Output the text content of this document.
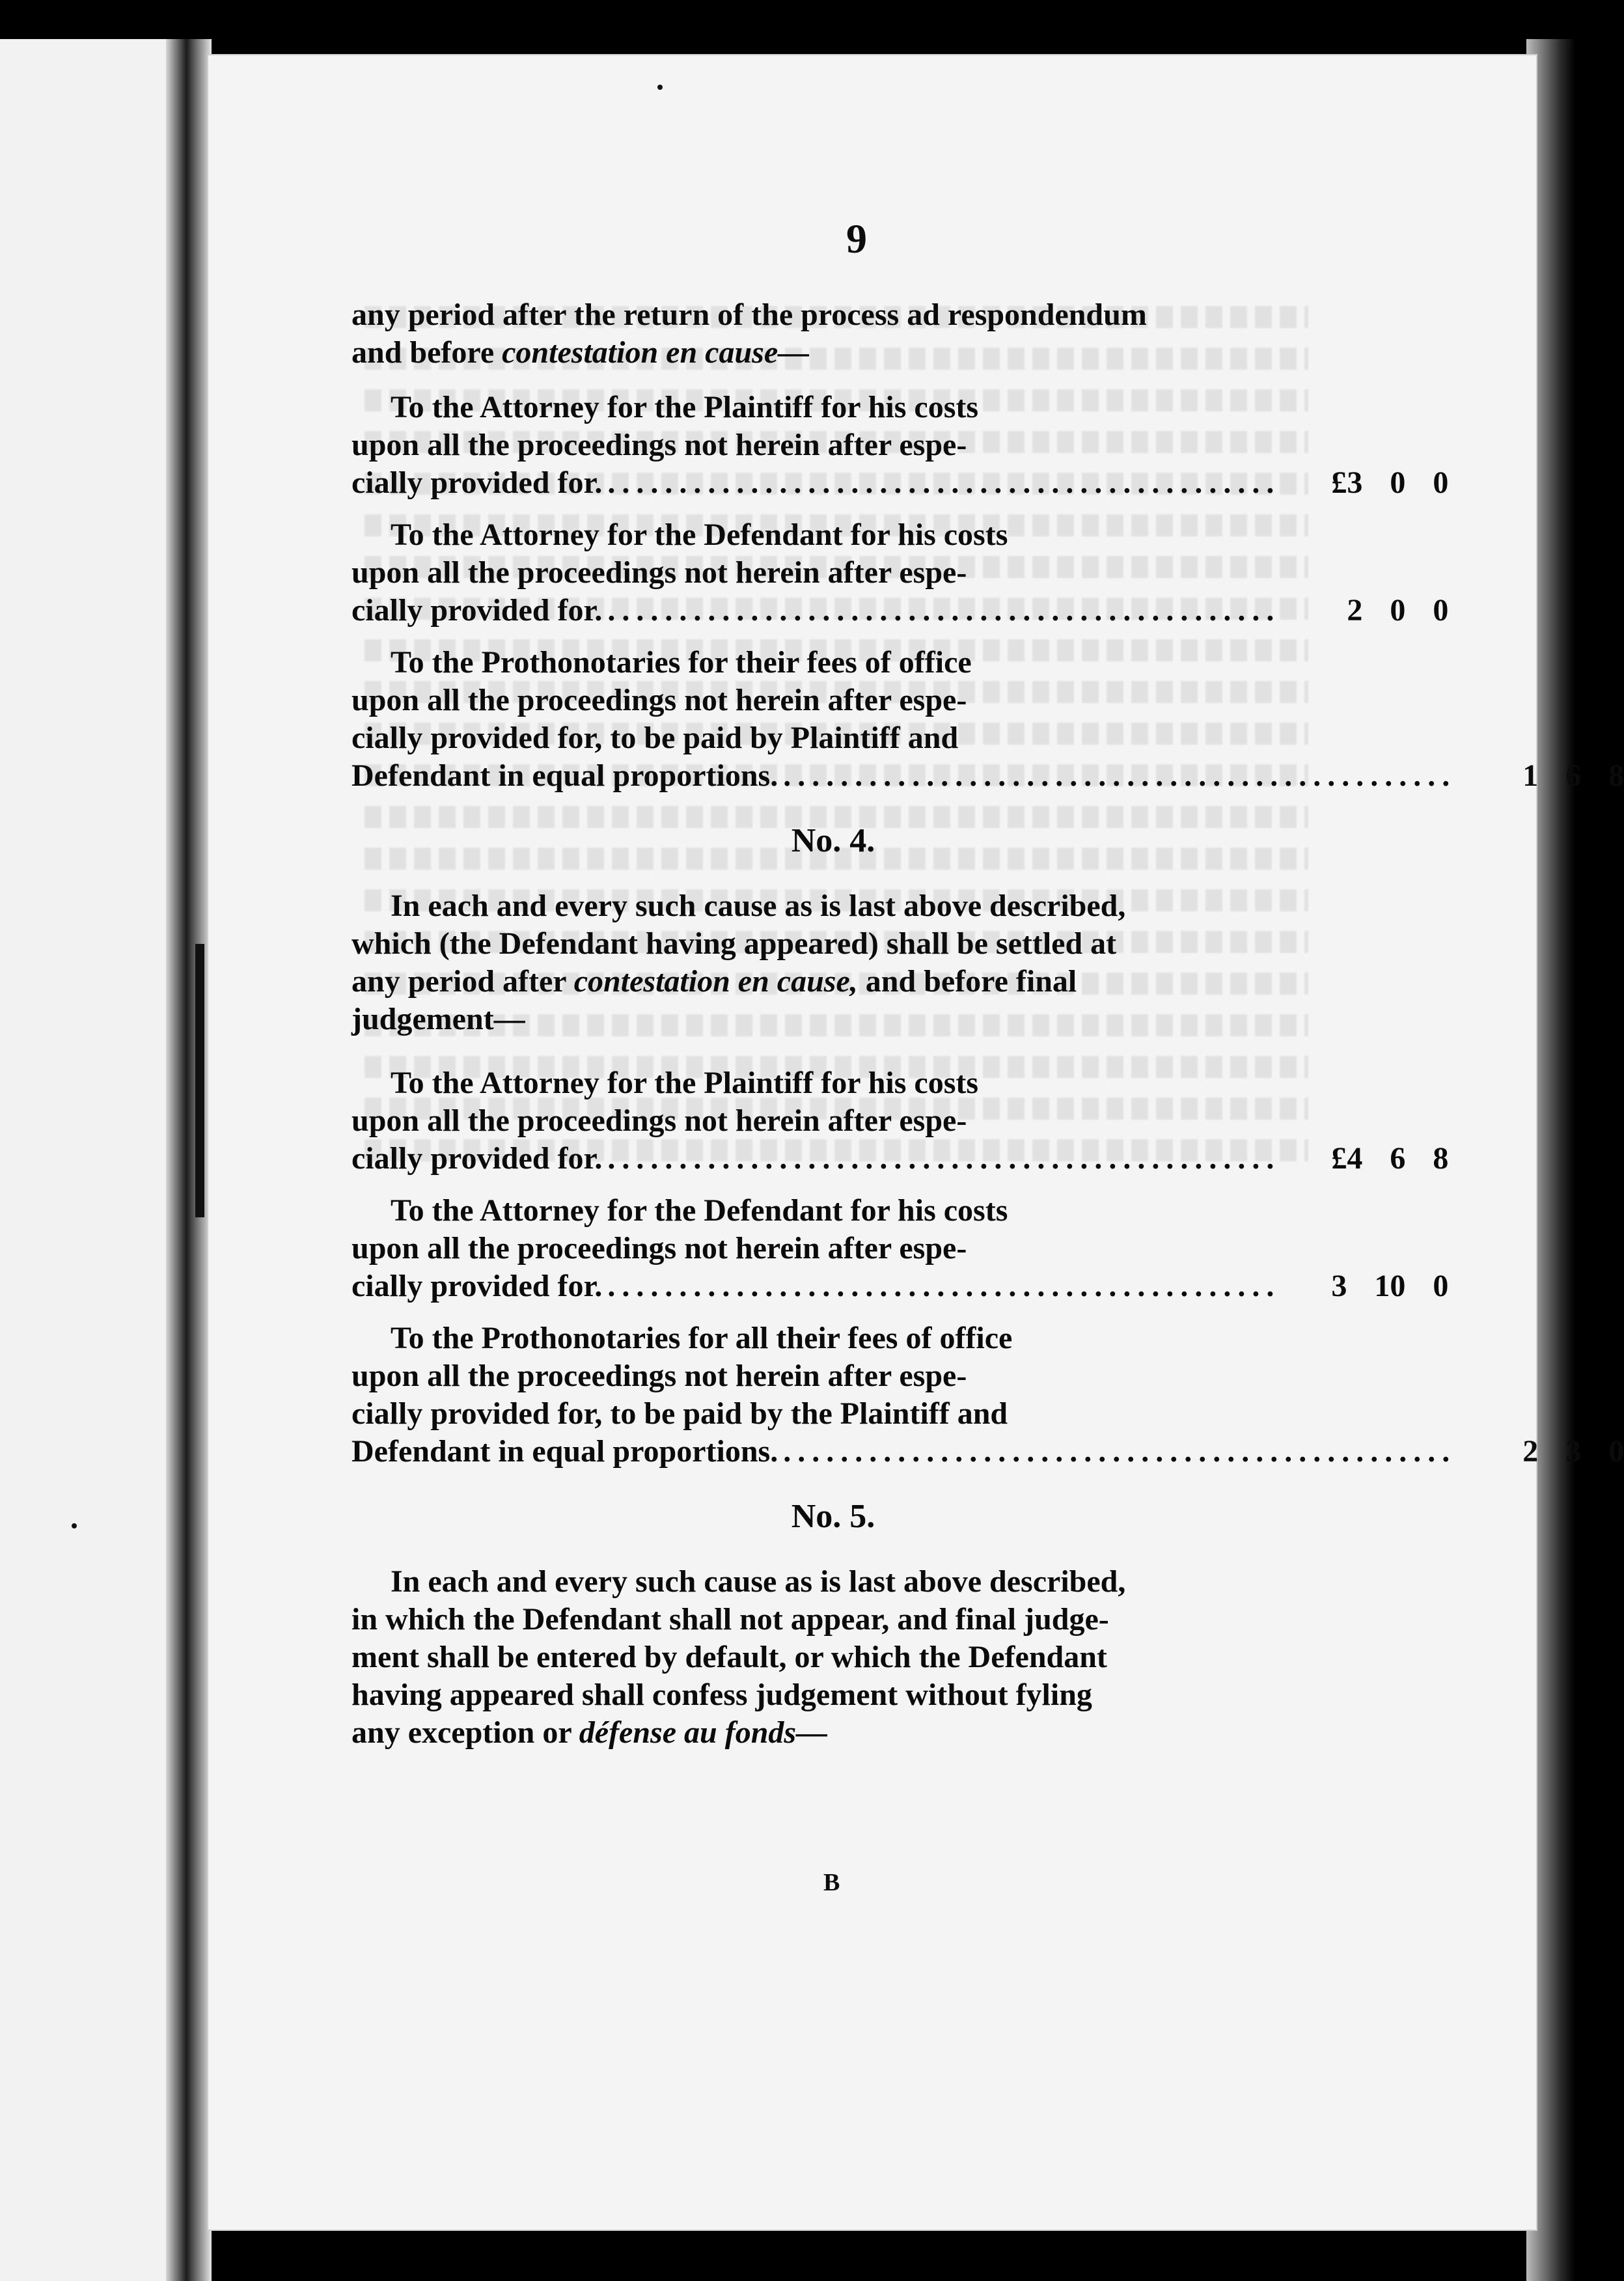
9
any period after the return of the process ad respondendum
and before contestation en cause—
To the Attorney for the Plaintiff for his costs
upon all the proceedings not herein after espe-
cially provided for. ...............................................	£3 0 0
To the Attorney for the Defendant for his costs
upon all the proceedings not herein after espe-
cially provided for. ...............................................	2 0 0
To the Prothonotaries for their fees of office
upon all the proceedings not herein after espe-
cially provided for, to be paid by Plaintiff and
Defendant in equal proportions. ...............................................	1 6 8
No. 4.
In each and every such cause as is last above described,
which (the Defendant having appeared) shall be settled at
any period after contestation en cause, and before final
judgement—
To the Attorney for the Plaintiff for his costs
upon all the proceedings not herein after espe-
cially provided for. ...............................................	£4 6 8
To the Attorney for the Defendant for his costs
upon all the proceedings not herein after espe-
cially provided for. ...............................................	3 10 0
To the Prothonotaries for all their fees of office
upon all the proceedings not herein after espe-
cially provided for, to be paid by the Plaintiff and
Defendant in equal proportions. ...............................................	2 3 0
No. 5.
In each and every such cause as is last above described,
in which the Defendant shall not appear, and final judge-
ment shall be entered by default, or which the Defendant
having appeared shall confess judgement without fyling
any exception or défense au fonds—
B
